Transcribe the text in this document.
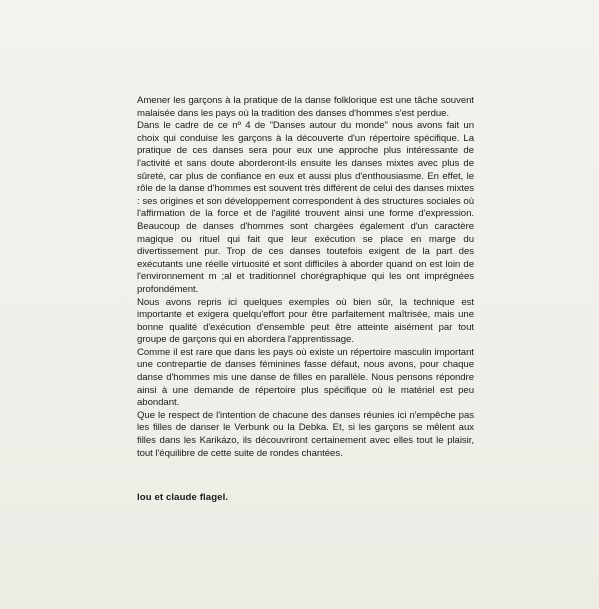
Amener les garçons à la pratique de la danse folklorique est une tâche souvent malaisée dans les pays où la tradition des danses d'hommes s'est perdue.

Dans le cadre de ce nº 4 de "Danses autour du monde" nous avons fait un choix qui conduise les garçons à la découverte d'un répertoire spécifique. La pratique de ces danses sera pour eux une approche plus intéressante de l'activité et sans doute aborderont-ils ensuite les danses mixtes avec plus de sûreté, car plus de confiance en eux et aussi plus d'enthousiasme. En effet, le rôle de la danse d'hommes est souvent très différent de celui des danses mixtes : ses origines et son développement correspondent à des structures sociales où l'affirmation de la force et de l'agilité trouvent ainsi une forme d'expression. Beaucoup de danses d'hommes sont chargées également d'un caractère magique ou rituel qui fait que leur exécution se place en marge du divertissement pur. Trop de ces danses toutefois exigent de la part des exécutants une réelle virtuosité et sont difficiles à aborder quand on est loin de l'environnement m ;al et traditionnel chorégraphique qui les ont imprégnées profondément.

Nous avons repris ici quelques exemples où bien sûr, la technique est importante et exigera quelqu'effort pour être parfaitement maîtrisée, mais une bonne qualité d'exécution d'ensemble peut être atteinte aisément par tout groupe de garçons qui en abordera l'apprentissage.

Comme il est rare que dans les pays où existe un répertoire masculin important une contrepartie de danses féminines fasse défaut, nous avons, pour chaque danse d'hommes mis une danse de filles en parallèle. Nous pensons répondre ainsi à une demande de répertoire plus spécifique où le matériel est peu abondant.

Que le respect de l'intention de chacune des danses réunies ici n'empêche pas les filles de danser le Verbunk ou la Debka. Et, si les garçons se mêlent aux filles dans les Karikázo, ils découvriront certainement avec elles tout le plaisir, tout l'équilibre de cette suite de rondes chantées.

lou et claude flagel.
